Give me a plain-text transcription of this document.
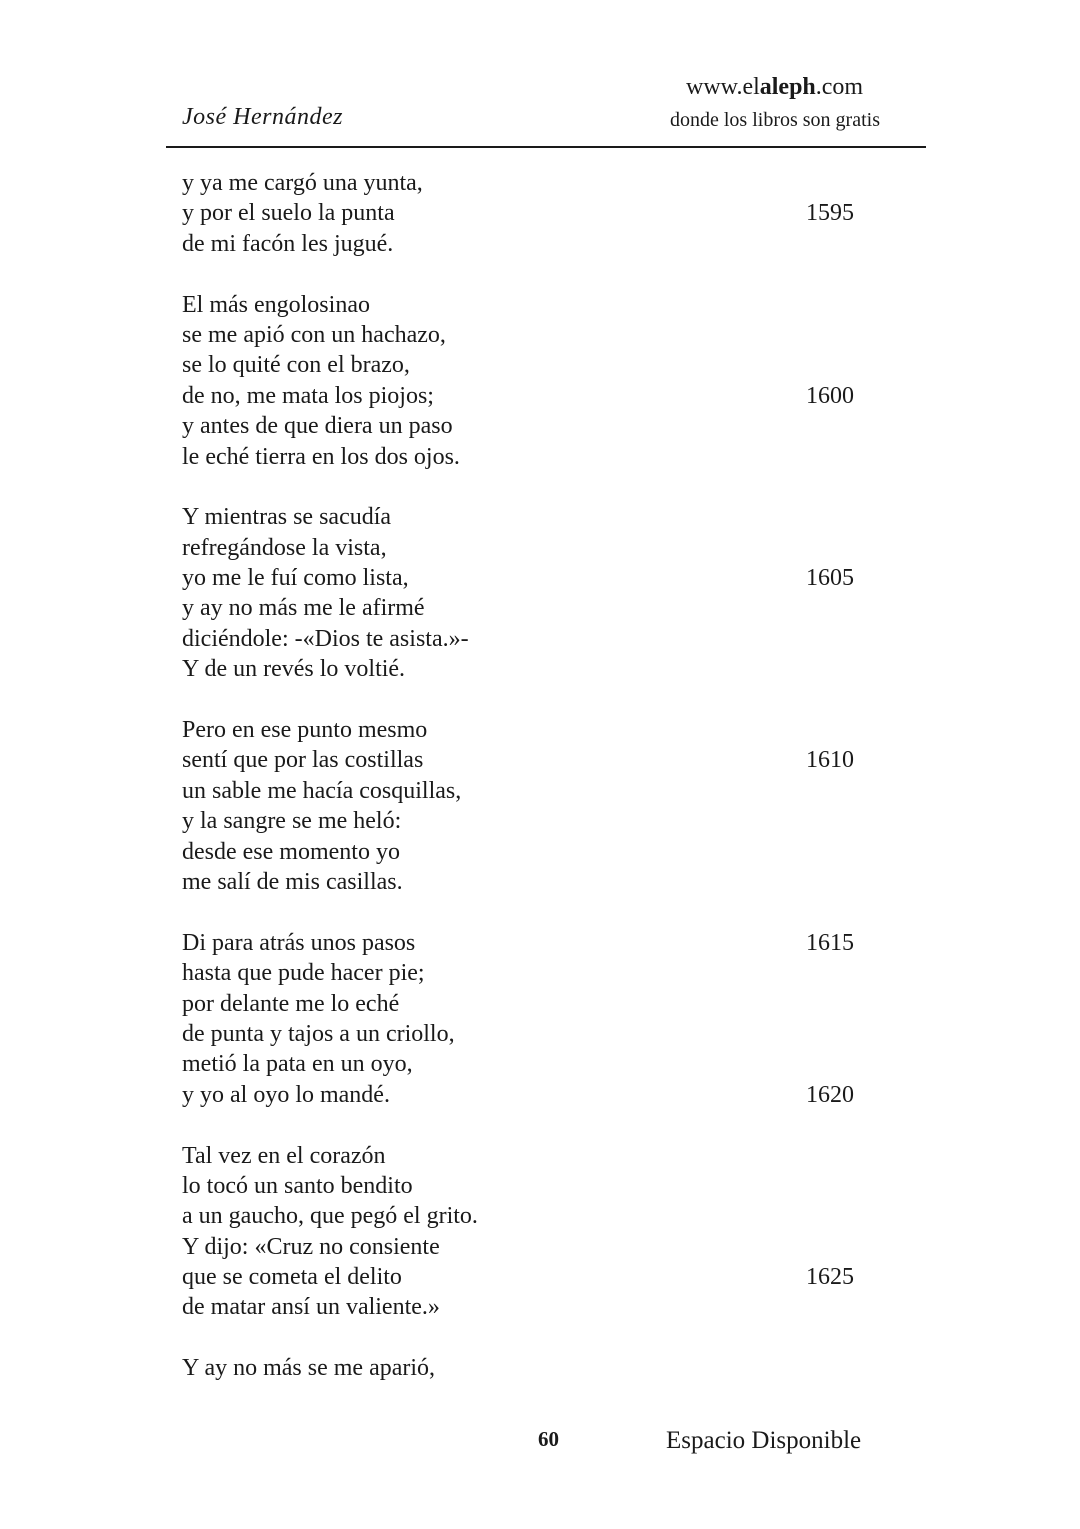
José Hernández
www.elaleph.com
donde los libros son gratis
y ya me cargó una yunta,
y por el suelo la punta	1595
de mi facón les jugué.
El más engolosinao
se me apió con un hachazo,
se lo quité con el brazo,
de no, me mata los piojos;	1600
y antes de que diera un paso
le eché tierra en los dos ojos.
Y mientras se sacudía
refregándose la vista,
yo me le fuí como lista,	1605
y ay no más me le afirmé
diciéndole: -«Dios te asista.»-
Y de un revés lo voltié.
Pero en ese punto mesmo
sentí que por las costillas	1610
un sable me hacía cosquillas,
y la sangre se me heló:
desde ese momento yo
me salí de mis casillas.
Di para atrás unos pasos	1615
hasta que pude hacer pie;
por delante me lo eché
de punta y tajos a un criollo,
metió la pata en un oyo,
y yo al oyo lo mandé.	1620
Tal vez en el corazón
lo tocó un santo bendito
a un gaucho, que pegó el grito.
Y dijo: «Cruz no consiente
que se cometa el delito	1625
de matar ansí un valiente.»
Y ay no más se me aparió,
60	Espacio Disponible
